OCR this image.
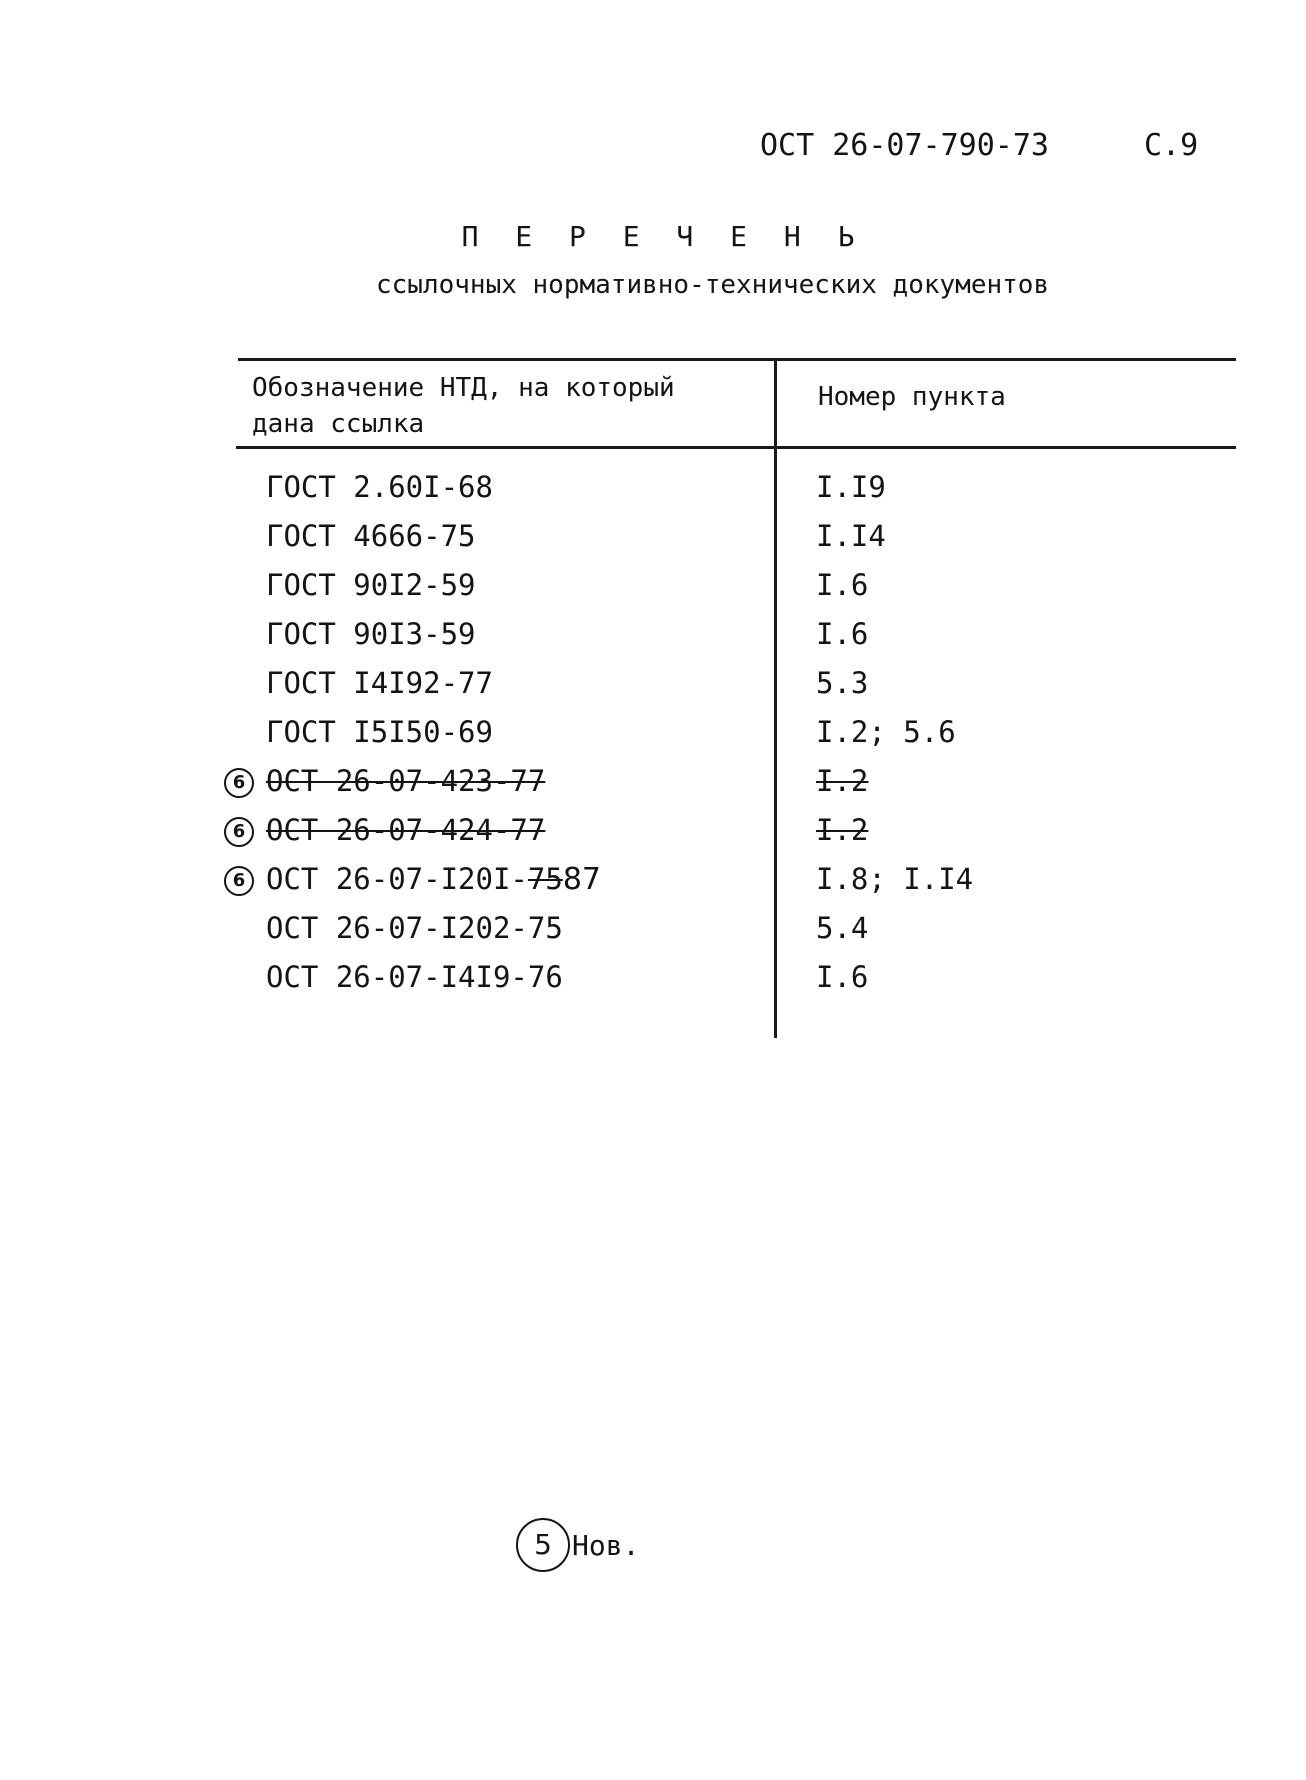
ОСТ 26-07-790-73	С.9
П Е Р Е Ч Е Н Ь
ссылочных нормативно-технических документов
Обозначение НТД, на который дана ссылка
Номер пункта
ГОСТ 2.60I-68	I.I9
ГОСТ 4666-75	I.I4
ГОСТ 90I2-59	I.6
ГОСТ 90I3-59	I.6
ГОСТ I4I92-77	5.3
ГОСТ I5I50-69	I.2; 5.6
6 ОСТ 26-07-423-77	I.2
6 ОСТ 26-07-424-77	I.2
6 ОСТ 26-07-I20I-7587	I.8; I.I4
ОСТ 26-07-I202-75	5.4
ОСТ 26-07-I4I9-76	I.6
5 Нов.
